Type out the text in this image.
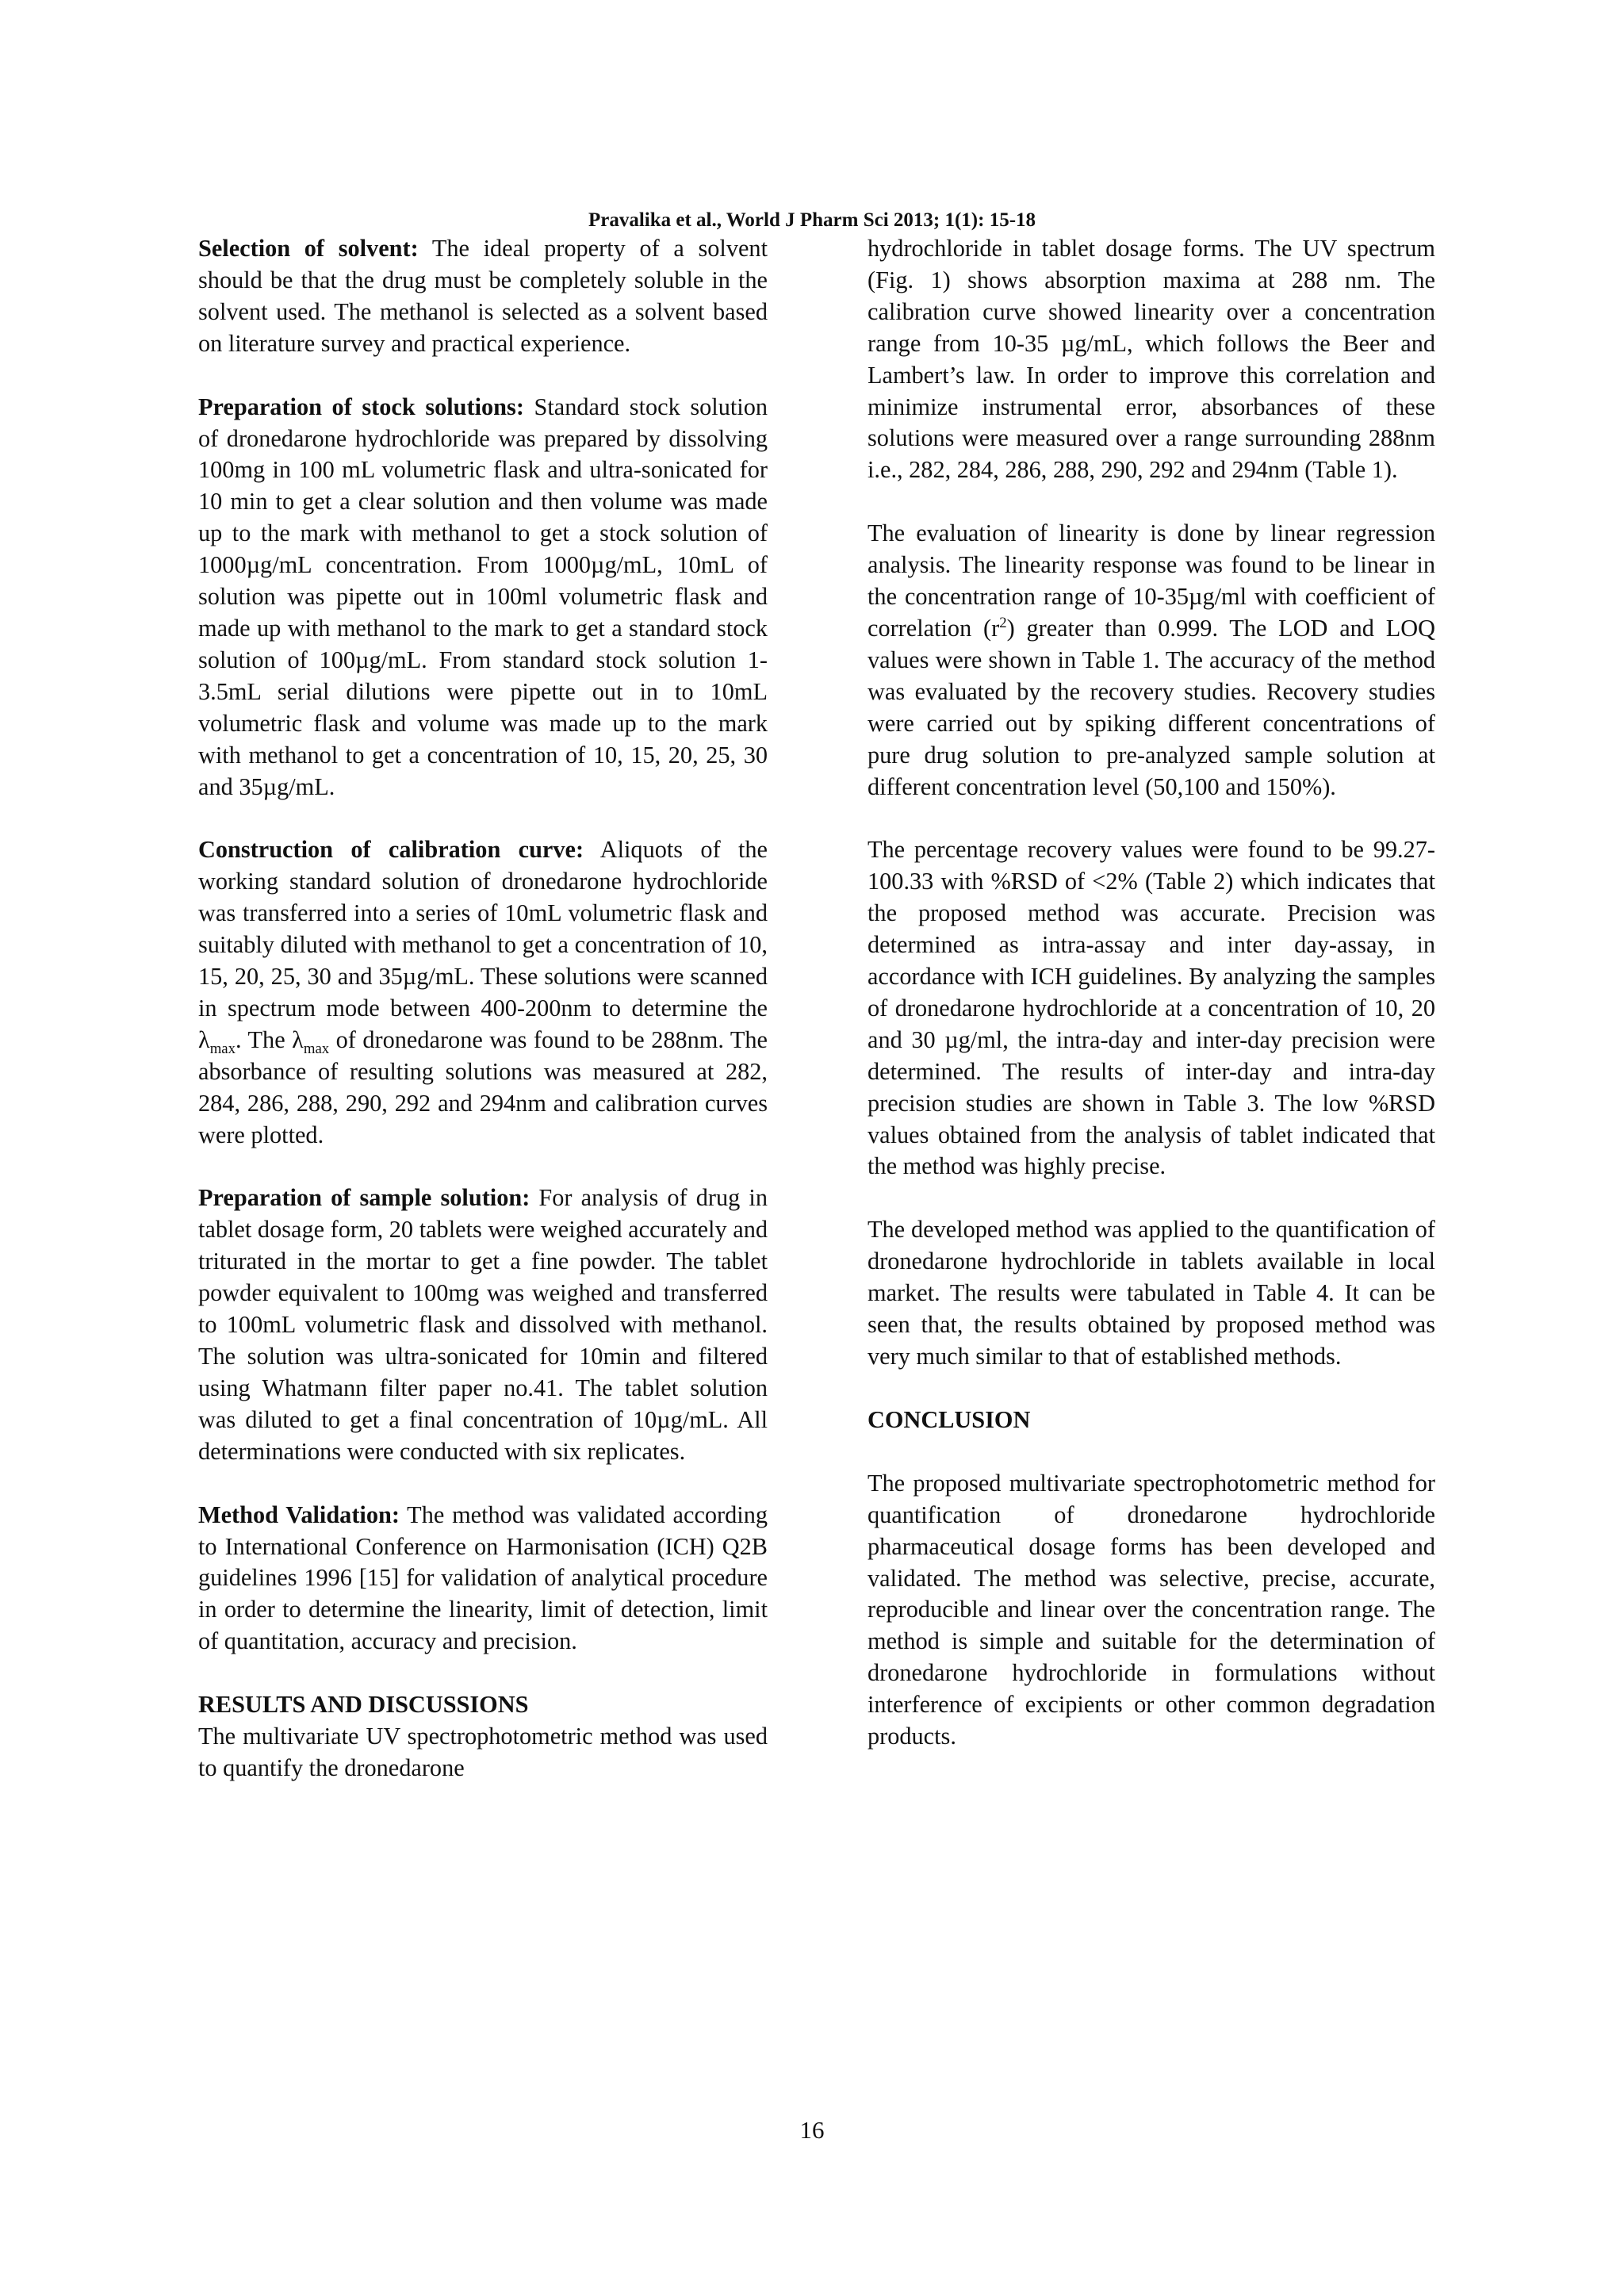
Pravalika et al., World J Pharm Sci 2013; 1(1): 15-18

Selection of solvent: The ideal property of a solvent should be that the drug must be completely soluble in the solvent used. The methanol is selected as a solvent based on literature survey and practical experience.

Preparation of stock solutions: Standard stock solution of dronedarone hydrochloride was prepared by dissolving 100mg in 100 mL volumetric flask and ultra-sonicated for 10 min to get a clear solution and then volume was made up to the mark with methanol to get a stock solution of 1000µg/mL concentration. From 1000µg/mL, 10mL of solution was pipette out in 100ml volumetric flask and made up with methanol to the mark to get a standard stock solution of 100µg/mL. From standard stock solution 1-3.5mL serial dilutions were pipette out in to 10mL volumetric flask and volume was made up to the mark with methanol to get a concentration of 10, 15, 20, 25, 30 and 35µg/mL.

Construction of calibration curve: Aliquots of the working standard solution of dronedarone hydrochloride was transferred into a series of 10mL volumetric flask and suitably diluted with methanol to get a concentration of 10, 15, 20, 25, 30 and 35µg/mL. These solutions were scanned in spectrum mode between 400-200nm to determine the $\lambda_{max}$. The $\lambda_{max}$ of dronedarone was found to be 288nm. The absorbance of resulting solutions was measured at 282, 284, 286, 288, 290, 292 and 294nm and calibration curves were plotted.

Preparation of sample solution: For analysis of drug in tablet dosage form, 20 tablets were weighed accurately and triturated in the mortar to get a fine powder. The tablet powder equivalent to 100mg was weighed and transferred to 100mL volumetric flask and dissolved with methanol. The solution was ultra-sonicated for 10min and filtered using Whatmann filter paper no.41. The tablet solution was diluted to get a final concentration of 10µg/mL. All determinations were conducted with six replicates.

Method Validation: The method was validated according to International Conference on Harmonisation (ICH) Q2B guidelines 1996 [15] for validation of analytical procedure in order to determine the linearity, limit of detection, limit of quantitation, accuracy and precision.

RESULTS AND DISCUSSIONS

The multivariate UV spectrophotometric method was used to quantify the dronedarone

hydrochloride in tablet dosage forms. The UV spectrum (Fig. 1) shows absorption maxima at 288 nm. The calibration curve showed linearity over a concentration range from 10-35 µg/mL, which follows the Beer and Lambert’s law. In order to improve this correlation and minimize instrumental error, absorbances of these solutions were measured over a range surrounding 288nm i.e., 282, 284, 286, 288, 290, 292 and 294nm (Table 1).

The evaluation of linearity is done by linear regression analysis. The linearity response was found to be linear in the concentration range of 10-35µg/ml with coefficient of correlation $(r^2)$ greater than 0.999. The LOD and LOQ values were shown in Table 1. The accuracy of the method was evaluated by the recovery studies. Recovery studies were carried out by spiking different concentrations of pure drug solution to pre-analyzed sample solution at different concentration level (50,100 and 150%).

The percentage recovery values were found to be 99.27-100.33 with %RSD of <2% (Table 2) which indicates that the proposed method was accurate. Precision was determined as intra-assay and inter day-assay, in accordance with ICH guidelines. By analyzing the samples of dronedarone hydrochloride at a concentration of 10, 20 and 30 µg/ml, the intra-day and inter-day precision were determined. The results of inter-day and intra-day precision studies are shown in Table 3. The low %RSD values obtained from the analysis of tablet indicated that the method was highly precise.

The developed method was applied to the quantification of dronedarone hydrochloride in tablets available in local market. The results were tabulated in Table 4. It can be seen that, the results obtained by proposed method was very much similar to that of established methods.

CONCLUSION

The proposed multivariate spectrophotometric method for quantification of dronedarone hydrochloride pharmaceutical dosage forms has been developed and validated. The method was selective, precise, accurate, reproducible and linear over the concentration range. The method is simple and suitable for the determination of dronedarone hydrochloride in formulations without interference of excipients or other common degradation products.

16
